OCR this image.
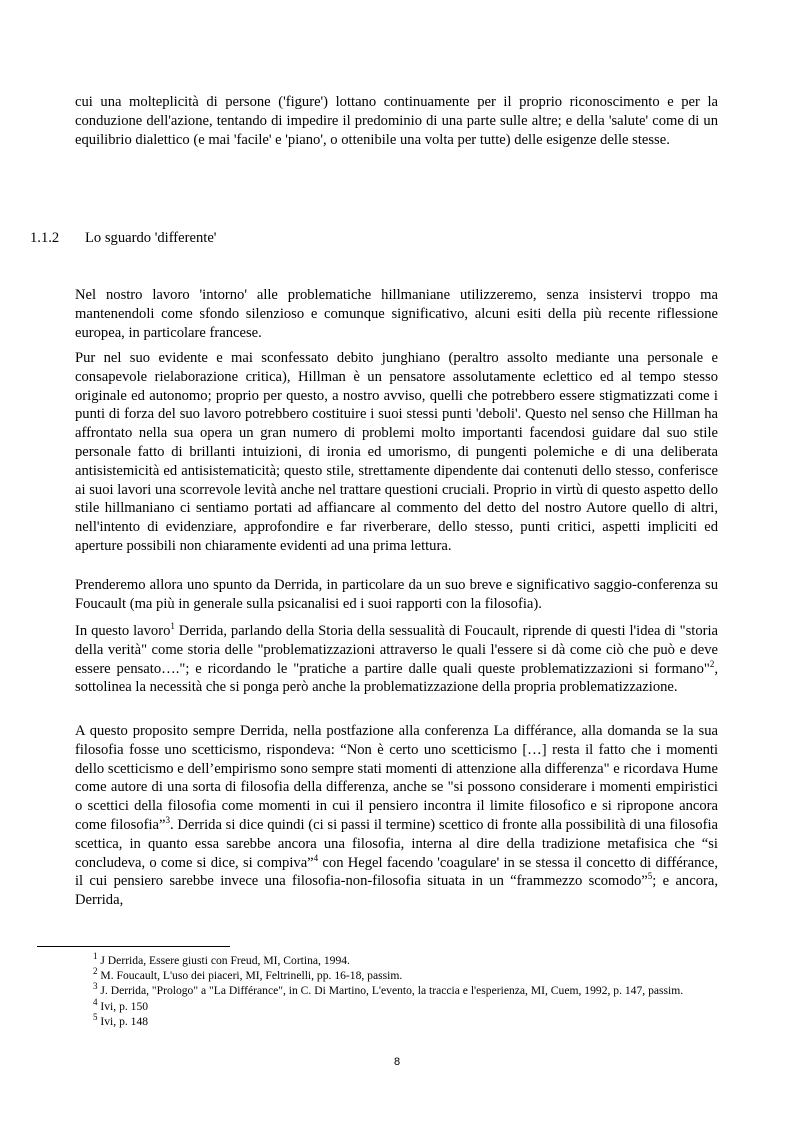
cui una molteplicità di persone ('figure') lottano continuamente per il proprio riconoscimento e per la conduzione dell'azione, tentando di impedire il predominio di una parte sulle altre; e della 'salute' come di un equilibrio dialettico (e mai 'facile' e 'piano', o ottenibile una volta per tutte) delle esigenze delle stesse.

1.1.2 Lo sguardo 'differente'

Nel nostro lavoro 'intorno' alle problematiche hillmaniane utilizzeremo, senza insistervi troppo ma mantenendoli come sfondo silenzioso e comunque significativo, alcuni esiti della più recente riflessione europea, in particolare francese.

Pur nel suo evidente e mai sconfessato debito junghiano (peraltro assolto mediante una personale e consapevole rielaborazione critica), Hillman è un pensatore assolutamente eclettico ed al tempo stesso originale ed autonomo; proprio per questo, a nostro avviso, quelli che potrebbero essere stigmatizzati come i punti di forza del suo lavoro potrebbero costituire i suoi stessi punti 'deboli'. Questo nel senso che Hillman ha affrontato nella sua opera un gran numero di problemi molto importanti facendosi guidare dal suo stile personale fatto di brillanti intuizioni, di ironia ed umorismo, di pungenti polemiche e di una deliberata antisistemicità ed antisistematicità; questo stile, strettamente dipendente dai contenuti dello stesso, conferisce ai suoi lavori una scorrevole levità anche nel trattare questioni cruciali. Proprio in virtù di questo aspetto dello stile hillmaniano ci sentiamo portati ad affiancare al commento del detto del nostro Autore quello di altri, nell'intento di evidenziare, approfondire e far riverberare, dello stesso, punti critici, aspetti impliciti ed aperture possibili non chiaramente evidenti ad una prima lettura.

Prenderemo allora uno spunto da Derrida, in particolare da un suo breve e significativo saggio-conferenza su Foucault (ma più in generale sulla psicanalisi ed i suoi rapporti con la filosofia).

In questo lavoro$^1$ Derrida, parlando della Storia della sessualità di Foucault, riprende di questi l'idea di "storia della verità" come storia delle "problematizzazioni attraverso le quali l'essere si dà come ciò che può e deve essere pensato…."; e ricordando le "pratiche a partire dalle quali queste problematizzazioni si formano"$^2$, sottolinea la necessità che si ponga però anche la problematizzazione della propria problematizzazione.

A questo proposito sempre Derrida, nella postfazione alla conferenza La différance, alla domanda se la sua filosofia fosse uno scetticismo, rispondeva: “Non è certo uno scetticismo […] resta il fatto che i momenti dello scetticismo e dell’empirismo sono sempre stati momenti di attenzione alla differenza" e ricordava Hume come autore di una sorta di filosofia della differenza, anche se "si possono considerare i momenti empiristici o scettici della filosofia come momenti in cui il pensiero incontra il limite filosofico e si ripropone ancora come filosofia”$^3$. Derrida si dice quindi (ci si passi il termine) scettico di fronte alla possibilità di una filosofia scettica, in quanto essa sarebbe ancora una filosofia, interna al dire della tradizione metafisica che “si concludeva, o come si dice, si compiva”$^4$ con Hegel facendo 'coagulare' in se stessa il concetto di différance, il cui pensiero sarebbe invece una filosofia-non-filosofia situata in un “frammezzo scomodo”$^5$; e ancora, Derrida,

$^1$ J Derrida, Essere giusti con Freud, MI, Cortina, 1994.

$^2$ M. Foucault, L'uso dei piaceri, MI, Feltrinelli, pp. 16-18, passim.

$^3$ J. Derrida, "Prologo" a "La Différance", in C. Di Martino, L'evento, la traccia e l'esperienza, MI, Cuem, 1992, p. 147, passim.

$^4$ Ivi, p. 150

$^5$ Ivi, p. 148

8
